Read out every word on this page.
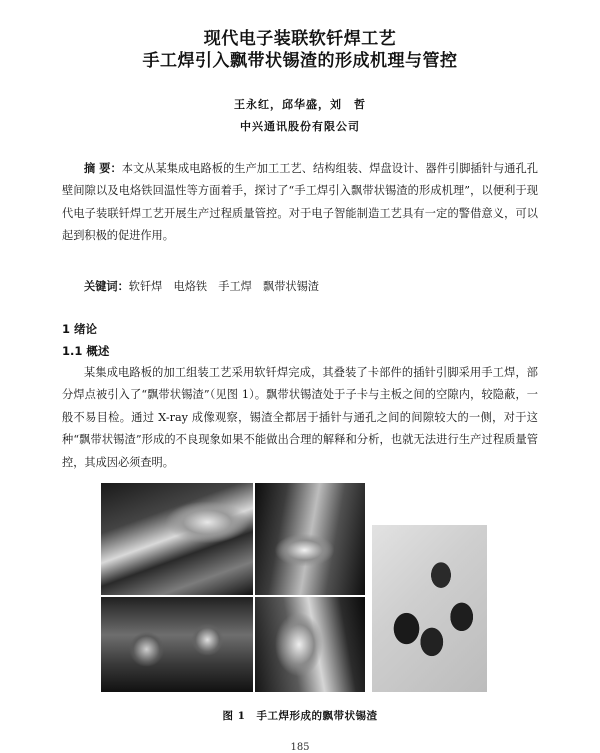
现代电子装联软钎焊工艺
手工焊引入飘带状锡渣的形成机理与管控
王永红，邱华盛，刘　哲
中兴通讯股份有限公司
摘 要：本文从某集成电路板的生产加工工艺、结构组装、焊盘设计、器件引脚插针与通孔孔壁间隙以及电烙铁回温性等方面着手，探讨了“手工焊引入飘带状锡渣的形成机理”，以便利于现代电子装联钎焊工艺开展生产过程质量管控。对于电子智能制造工艺具有一定的警借意义，可以起到积极的促进作用。
关键词：软钎焊　电烙铁　手工焊　飘带状锡渣
1 绪论
1.1 概述
某集成电路板的加工组装工艺采用软钎焊完成，其叠装了卡部件的插针引脚采用手工焊，部分焊点被引入了“飘带状锡渣”（见图 1）。飘带状锡渣处于子卡与主板之间的空隙内，较隐蔽，一般不易目检。通过 X-ray 成像观察，锡渣全都居于插针与通孔之间的间隙较大的一侧，对于这种“飘带状锡渣”形成的不良现象如果不能做出合理的解释和分析，也就无法进行生产过程质量管控，其成因必须查明。
图 1　手工焊形成的飘带状锡渣
185
